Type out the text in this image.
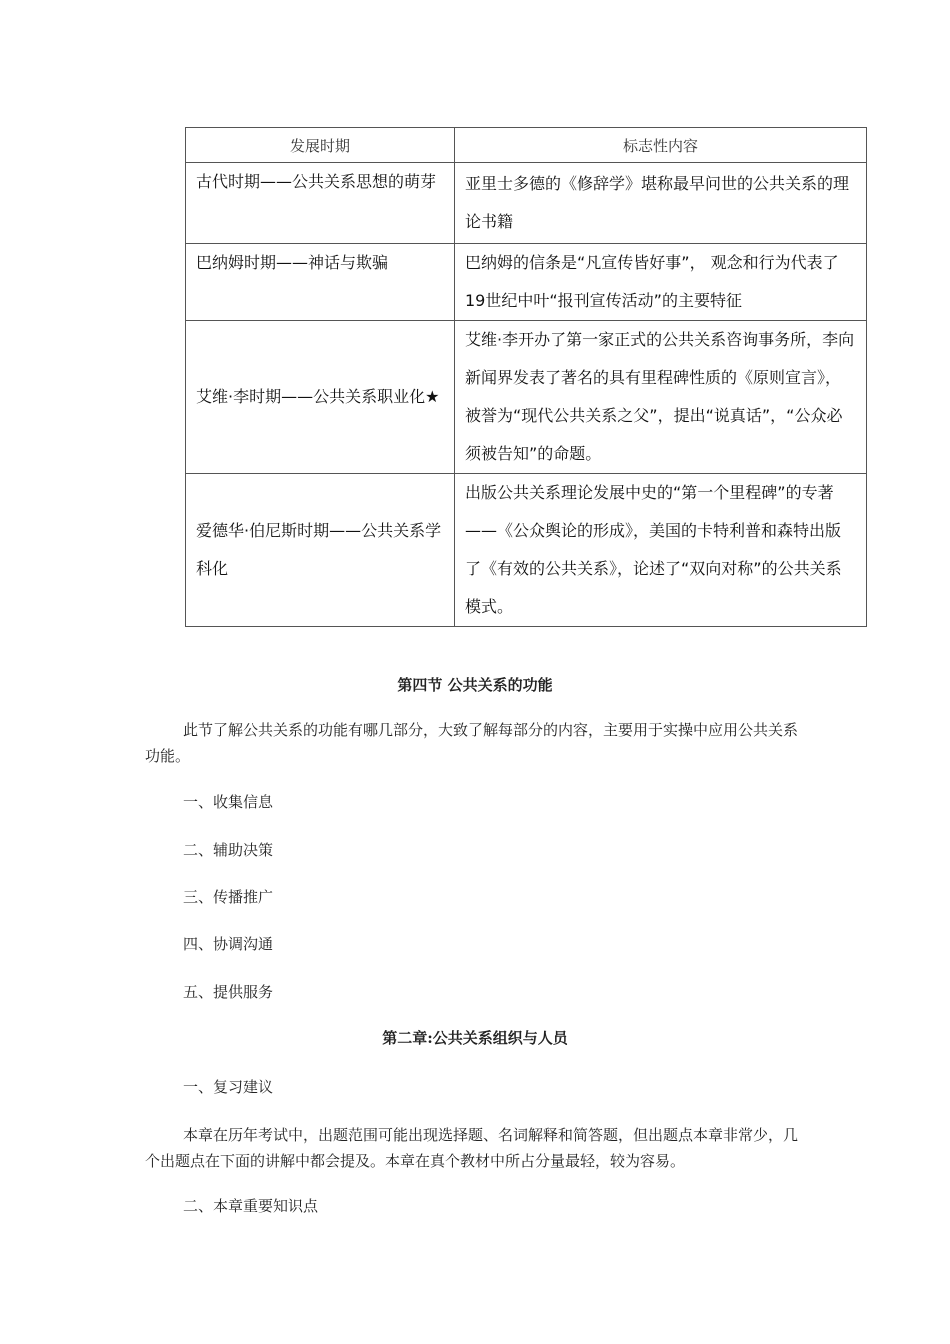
发展时期	标志性内容
古代时期——公共关系思想的萌芽	亚里士多德的《修辞学》堪称最早问世的公共关系的理论书籍
巴纳姆时期——神话与欺骗	巴纳姆的信条是“凡宣传皆好事”， 观念和行为代表了19世纪中叶“报刊宣传活动”的主要特征
艾维·李时期——公共关系职业化★	艾维·李开办了第一家正式的公共关系咨询事务所，李向新闻界发表了著名的具有里程碑性质的《原则宣言》，被誉为“现代公共关系之父”，提出“说真话”，“公众必须被告知”的命题。
爱德华·伯尼斯时期——公共关系学科化	出版公共关系理论发展中史的“第一个里程碑”的专著——《公众舆论的形成》，美国的卡特利普和森特出版了《有效的公共关系》，论述了“双向对称”的公共关系模式。
第四节 公共关系的功能
此节了解公共关系的功能有哪几部分，大致了解每部分的内容，主要用于实操中应用公共关系功能。
一、收集信息
二、辅助决策
三、传播推广
四、协调沟通
五、提供服务
第二章:公共关系组织与人员
一、复习建议
本章在历年考试中，出题范围可能出现选择题、名词解释和简答题，但出题点本章非常少，几个出题点在下面的讲解中都会提及。本章在真个教材中所占分量最轻，较为容易。
二、本章重要知识点
